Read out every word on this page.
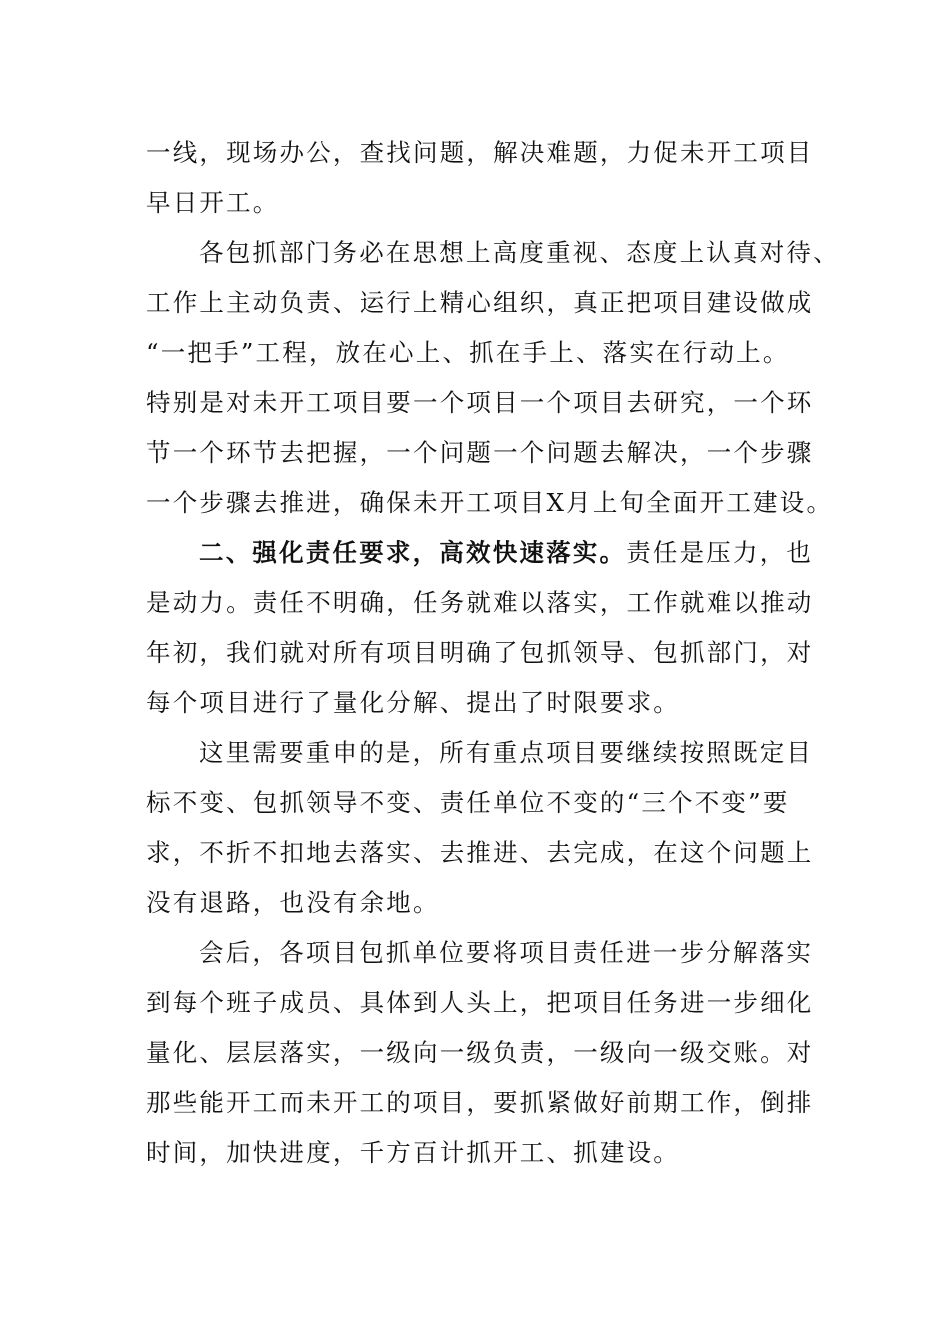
一线，现场办公，查找问题，解决难题，力促未开工项目
早日开工。
各包抓部门务必在思想上高度重视、态度上认真对待、
工作上主动负责、运行上精心组织，真正把项目建设做成
“一把手”工程，放在心上、抓在手上、落实在行动上。
特别是对未开工项目要一个项目一个项目去研究，一个环
节一个环节去把握，一个问题一个问题去解决，一个步骤
一个步骤去推进，确保未开工项目X月上旬全面开工建设。
二、强化责任要求，高效快速落实。责任是压力，也
是动力。责任不明确，任务就难以落实，工作就难以推动
年初，我们就对所有项目明确了包抓领导、包抓部门，对
每个项目进行了量化分解、提出了时限要求。
这里需要重申的是，所有重点项目要继续按照既定目
标不变、包抓领导不变、责任单位不变的“三个不变”要
求，不折不扣地去落实、去推进、去完成，在这个问题上
没有退路，也没有余地。
会后，各项目包抓单位要将项目责任进一步分解落实
到每个班子成员、具体到人头上，把项目任务进一步细化
量化、层层落实，一级向一级负责，一级向一级交账。对
那些能开工而未开工的项目，要抓紧做好前期工作，倒排
时间，加快进度，千方百计抓开工、抓建设。
